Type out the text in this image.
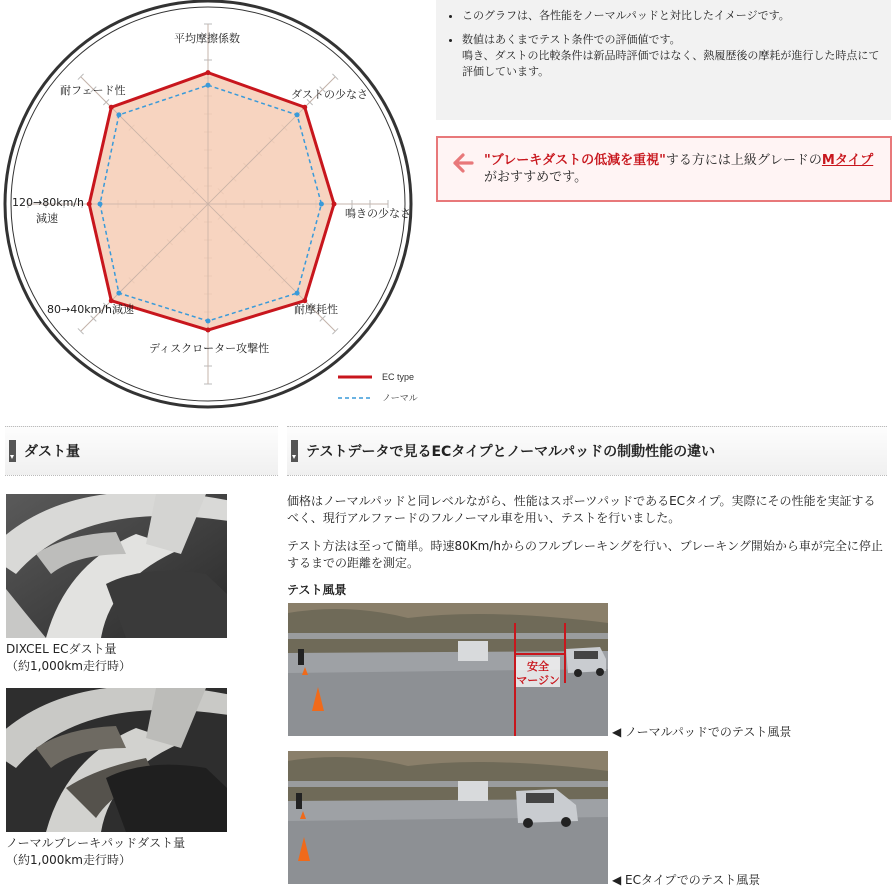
EC type
ノーマル
平均摩擦係数
ダストの少なさ
鳴きの少なさ
耐摩耗性
ディスクローター攻撃性
80→40km/h減速
120→80km/h
減速
耐フェード性
• このグラフは、各性能をノーマルパッドと対比したイメージです。
• 数値はあくまでテスト条件での評価値です。
鳴き、ダストの比較条件は新品時評価ではなく、熱履歴後の摩耗が進行した時点にて評価しています。
"ブレーキダストの低減を重視"する方には上級グレードのMタイプがおすすめです。
ダスト量	テストデータで見るECタイプとノーマルパッドの制動性能の違い
DIXCEL ECダスト量
（約1,000km走行時）
ノーマルブレーキパッドダスト量
（約1,000km走行時）
価格はノーマルパッドと同レベルながら、性能はスポーツパッドであるECタイプ。実際にその性能を実証するべく、現行アルファードのフルノーマル車を用い、テストを行いました。
テスト方法は至って簡単。時速80Km/hからのフルブレーキングを行い、ブレーキング開始から車が完全に停止するまでの距離を測定。
テスト風景
安全
マージン
◀ ノーマルパッドでのテスト風景
◀ ECタイプでのテスト風景
